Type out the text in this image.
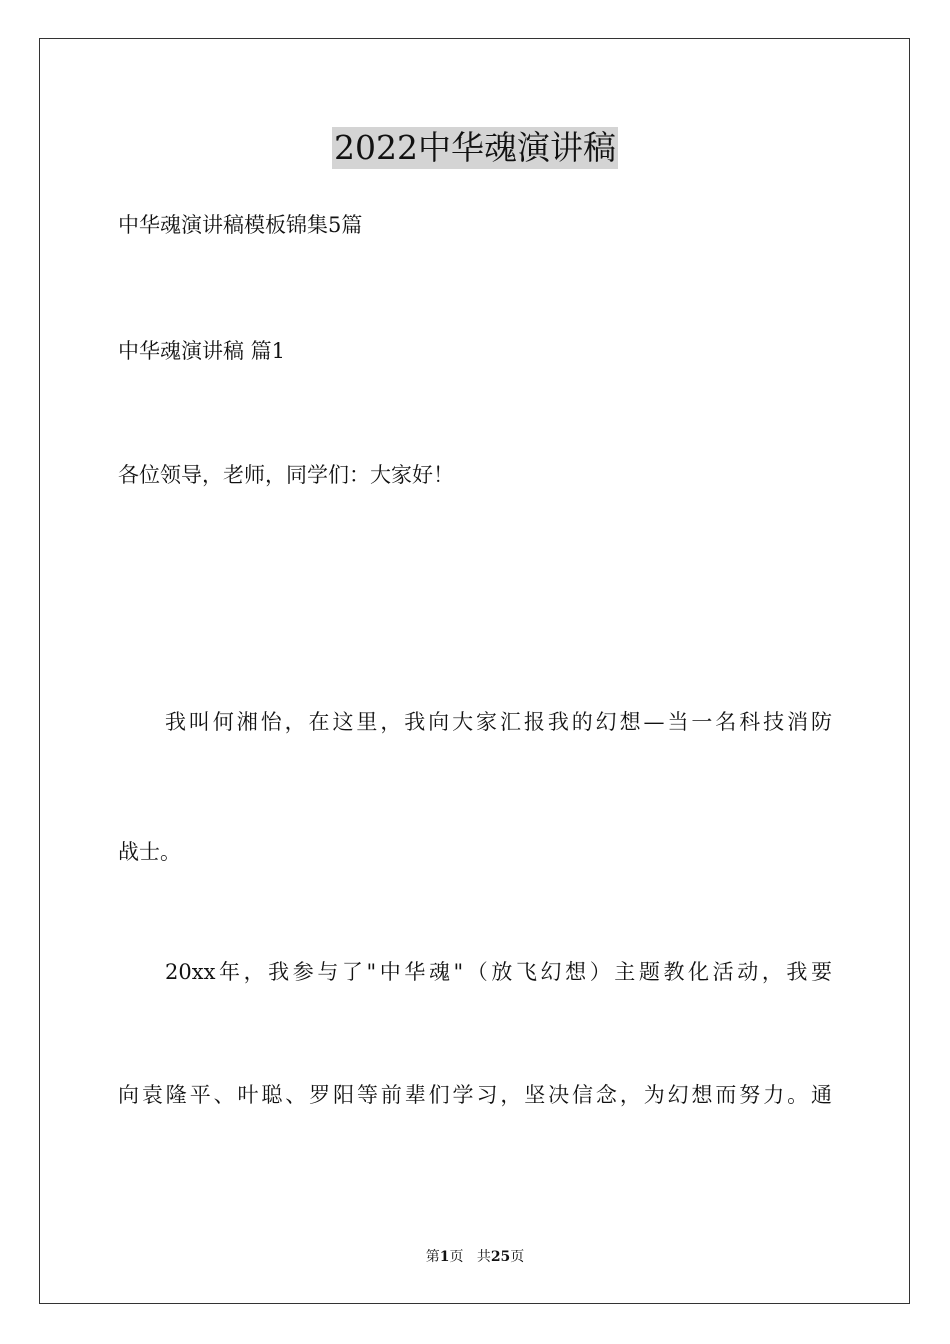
2022中华魂演讲稿
中华魂演讲稿模板锦集5篇
中华魂演讲稿 篇1
各位领导，老师，同学们：大家好！
我叫何湘怡，在这里，我向大家汇报我的幻想—当一名科技消防
战士。
20xx年，我参与了"中华魂"（放飞幻想）主题教化活动，我要
向袁隆平、叶聪、罗阳等前辈们学习，坚决信念，为幻想而努力。通
第1页 共25页
